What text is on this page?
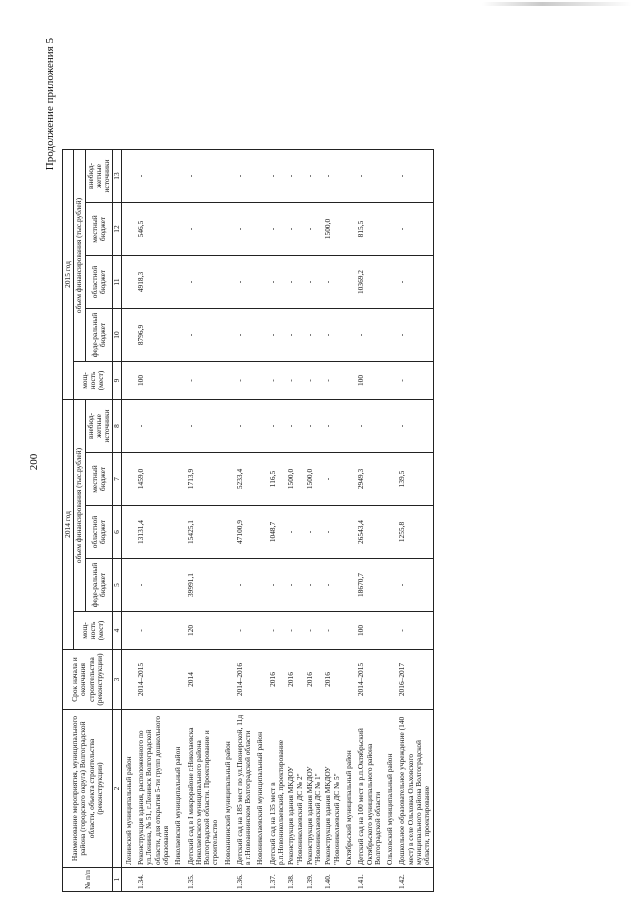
200
Продолжение приложения 5
№ п/п	Наименование мероприятия, муниципального района (городского округа) Волгоградской области, объекта строительства (реконструкции)	Срок начала и окончания строительства (реконструкции)	2014 год					2015 год				
			мощ-ность (мест)	объем финансирования (тыс.рублей)				мощ-ность (мест)	объем финансирования (тыс.рублей)			
				феде-ральный бюджет	областной бюджет	местный бюджет	внебюд-жетные источники		феде-ральный бюджет	областной бюджет	местный бюджет	внебюд-жетные источники
1	2	3	4	5	6	7	8	9	10	11	12	13
	Ленинский муниципальный район											
1.34.	Реконструкция здания, расположенного по ул.Ленина, № 51, г.Ленинск Волгоградской области, для открытия 5-ти групп дошкольного образования	2014–2015	-	-	13131,4	1459,0	-	100	8796,9	4918,3	546,5	-
	Николаевский муниципальный район											
1.35.	Детский сад в I микрорайоне г.Николаевска Николаевского муниципального района Волгоградской области. Проектирование и строительство	2014	120	39991,1	15425,1	1713,9	-	-	-	-	-	-
	Новоаннинский муниципальный район											
1.36.	Детский сад на 185 мест по ул.Пионерской, 11д в г.Новоаннинском Волгоградской области	2014–2016	-	-	47100,9	5233,4	-	-	-	-	-	-
	Новониколаевский муниципальный район											
1.37.	Детский сад на 135 мест в р.п.Новониколаевский, проектирование	2016	-	-	1048,7	116,5	-	-	-	-	-	-
1.38.	Реконструкция здания МКДОУ "Новониколаевский ДС № 2"	2016	-	-	-	1500,0	-	-	-	-	-	-
1.39.	Реконструкция здания МКДОУ "Новониколаевский ДС № 1"	2016	-	-	-	1500,0	-	-	-	-	-	-
1.40.	Реконструкция здания МКДОУ "Новониколаевский ДС № 5"	2016	-	-	-	-	-	-	-	-	1500,0	-
	Октябрьский муниципальный район											
1.41.	Детский сад на 100 мест в р.п.Октябрьский Октябрьского муниципального района Волгоградской области	2014–2015	100	18670,7	26543,4	2949,3	-	100	-	10369,2	815,5	-
	Ольховский муниципальный район											
1.42.	Дошкольное образовательное учреждение (140 мест) в селе Ольховка Ольховского муниципального района Волгоградской области, проектирование	2016–2017	-	-	1255,8	139,5	-	-	-	-	-	-
